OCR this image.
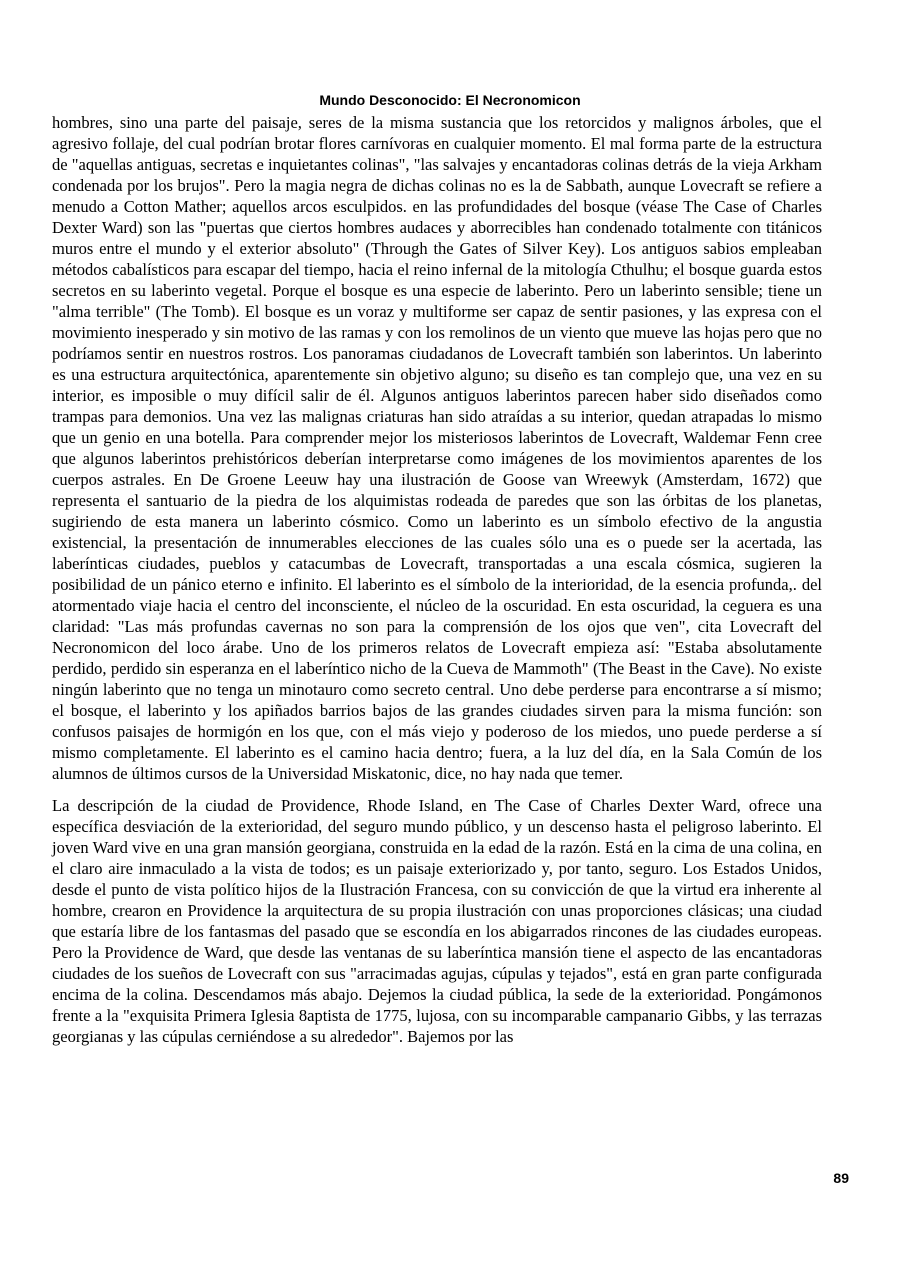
Mundo Desconocido: El Necronomicon

hombres, sino una parte del paisaje, seres de la misma sustancia que los retorcidos y malignos árboles, que el agresivo follaje, del cual podrían brotar flores carnívoras en cualquier momento. El mal forma parte de la estructura de "aquellas antiguas, secretas e inquietantes colinas", "las salvajes y encantadoras colinas detrás de la vieja Arkham condenada por los brujos". Pero la magia negra de dichas colinas no es la de Sabbath, aunque Lovecraft se refiere a menudo a Cotton Mather; aquellos arcos esculpidos. en las profundidades del bosque (véase The Case of Charles Dexter Ward) son las "puertas que ciertos hombres audaces y aborrecibles han condenado totalmente con titánicos muros entre el mundo y el exterior absoluto" (Through the Gates of Silver Key). Los antiguos sabios empleaban métodos cabalísticos para escapar del tiempo, hacia el reino infernal de la mitología Cthulhu; el bosque guarda estos secretos en su laberinto vegetal. Porque el bosque es una especie de laberinto. Pero un laberinto sensible; tiene un "alma terrible" (The Tomb). El bosque es un voraz y multiforme ser capaz de sentir pasiones, y las expresa con el movimiento inesperado y sin motivo de las ramas y con los remolinos de un viento que mueve las hojas pero que no podríamos sentir en nuestros rostros. Los panoramas ciudadanos de Lovecraft también son laberintos. Un laberinto es una estructura arquitectónica, aparentemente sin objetivo alguno; su diseño es tan complejo que, una vez en su interior, es imposible o muy difícil salir de él. Algunos antiguos laberintos parecen haber sido diseñados como trampas para demonios. Una vez las malignas criaturas han sido atraídas a su interior, quedan atrapadas lo mismo que un genio en una botella. Para comprender mejor los misteriosos laberintos de Lovecraft, Waldemar Fenn cree que algunos laberintos prehistóricos deberían interpretarse como imágenes de los movimientos aparentes de los cuerpos astrales. En De Groene Leeuw hay una ilustración de Goose van Wreewyk (Amsterdam, 1672) que representa el santuario de la piedra de los alquimistas rodeada de paredes que son las órbitas de los planetas, sugiriendo de esta manera un laberinto cósmico. Como un laberinto es un símbolo efectivo de la angustia existencial, la presentación de innumerables elecciones de las cuales sólo una es o puede ser la acertada, las laberínticas ciudades, pueblos y catacumbas de Lovecraft, transportadas a una escala cósmica, sugieren la posibilidad de un pánico eterno e infinito. El laberinto es el símbolo de la interioridad, de la esencia profunda,. del atormentado viaje hacia el centro del inconsciente, el núcleo de la oscuridad. En esta oscuridad, la ceguera es una claridad: "Las más profundas cavernas no son para la comprensión de los ojos que ven", cita Lovecraft del Necronomicon del loco árabe. Uno de los primeros relatos de Lovecraft empieza así: "Estaba absolutamente perdido, perdido sin esperanza en el laberíntico nicho de la Cueva de Mammoth" (The Beast in the Cave). No existe ningún laberinto que no tenga un minotauro como secreto central. Uno debe perderse para encontrarse a sí mismo; el bosque, el laberinto y los apiñados barrios bajos de las grandes ciudades sirven para la misma función: son confusos paisajes de hormigón en los que, con el más viejo y poderoso de los miedos, uno puede perderse a sí mismo completamente. El laberinto es el camino hacia dentro; fuera, a la luz del día, en la Sala Común de los alumnos de últimos cursos de la Universidad Miskatonic, dice, no hay nada que temer.

La descripción de la ciudad de Providence, Rhode Island, en The Case of Charles Dexter Ward, ofrece una específica desviación de la exterioridad, del seguro mundo público, y un descenso hasta el peligroso laberinto. El joven Ward vive en una gran mansión georgiana, construida en la edad de la razón. Está en la cima de una colina, en el claro aire inmaculado a la vista de todos; es un paisaje exteriorizado y, por tanto, seguro. Los Estados Unidos, desde el punto de vista político hijos de la Ilustración Francesa, con su convicción de que la virtud era inherente al hombre, crearon en Providence la arquitectura de su propia ilustración con unas proporciones clásicas; una ciudad que estaría libre de los fantasmas del pasado que se escondía en los abigarrados rincones de las ciudades europeas. Pero la Providence de Ward, que desde las ventanas de su laberíntica mansión tiene el aspecto de las encantadoras ciudades de los sueños de Lovecraft con sus "arracimadas agujas, cúpulas y tejados", está en gran parte configurada encima de la colina. Descendamos más abajo. Dejemos la ciudad pública, la sede de la exterioridad. Pongámonos frente a la "exquisita Primera Iglesia 8aptista de 1775, lujosa, con su incomparable campanario Gibbs, y las terrazas georgianas y las cúpulas cerniéndose a su alrededor". Bajemos por las

89
